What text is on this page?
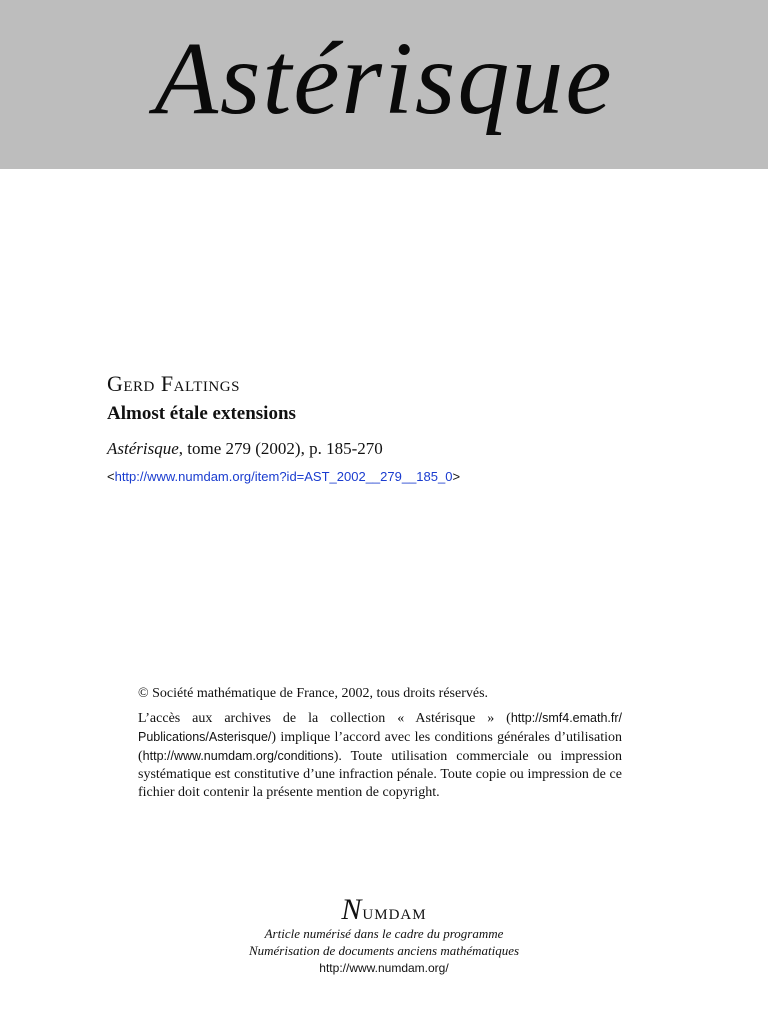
Astérisque
Gerd Faltings
Almost étale extensions
Astérisque, tome 279 (2002), p. 185-270
<http://www.numdam.org/item?id=AST_2002__279__185_0>

© Société mathématique de France, 2002, tous droits réservés.

L’accès aux archives de la collection « Astérisque » (http://smf4.emath.fr/ Publications/Asterisque/) implique l’accord avec les conditions générales d’utilisation (http://www.numdam.org/conditions). Toute utilisation commerciale ou impression systématique est constitutive d’une infraction pénale. Toute copie ou impression de ce fichier doit contenir la présente mention de copyright.

Numdam
Article numérisé dans le cadre du programme
Numérisation de documents anciens mathématiques
http://www.numdam.org/
